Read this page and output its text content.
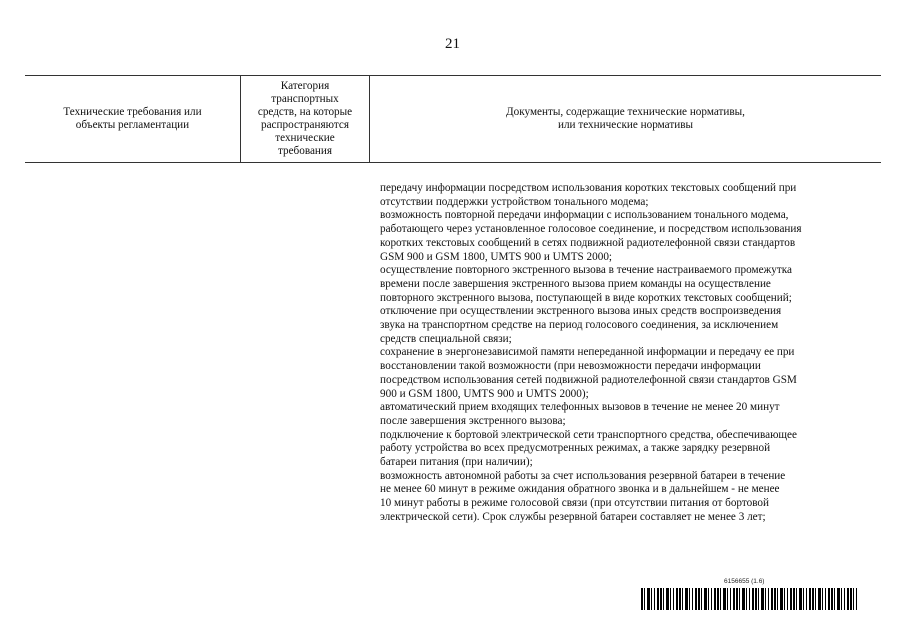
21
Технические требования или
объекты регламентации
Категория
транспортных
средств, на которые
распространяются
технические
требования
Документы, содержащие технические нормативы,
или технические нормативы
передачу информации посредством использования коротких текстовых сообщений при
отсутствии поддержки устройством тонального модема;
возможность повторной передачи информации с использованием тонального модема,
работающего через установленное голосовое соединение, и посредством использования
коротких текстовых сообщений в сетях подвижной радиотелефонной связи стандартов
GSM 900 и GSM 1800, UMTS 900 и UMTS 2000;
осуществление повторного экстренного вызова в течение настраиваемого промежутка
времени после завершения экстренного вызова прием команды на осуществление
повторного экстренного вызова, поступающей в виде коротких текстовых сообщений;
отключение при осуществлении экстренного вызова иных средств воспроизведения
звука на транспортном средстве на период голосового соединения, за исключением
средств специальной связи;
сохранение в энергонезависимой памяти непереданной информации и передачу ее при
восстановлении такой возможности (при невозможности передачи информации
посредством использования сетей подвижной радиотелефонной связи стандартов GSM
900 и GSM 1800, UMTS 900 и UMTS 2000);
автоматический прием входящих телефонных вызовов в течение не менее 20 минут
после завершения экстренного вызова;
подключение к бортовой электрической сети транспортного средства, обеспечивающее
работу устройства во всех предусмотренных режимах, а также зарядку резервной
батареи питания (при наличии);
возможность автономной работы за счет использования резервной батареи в течение
не менее 60 минут в режиме ожидания обратного звонка и в дальнейшем - не менее
10 минут работы в режиме голосовой связи (при отсутствии питания от бортовой
электрической сети). Срок службы резервной батареи составляет не менее 3 лет;
6156655 (1.6)
